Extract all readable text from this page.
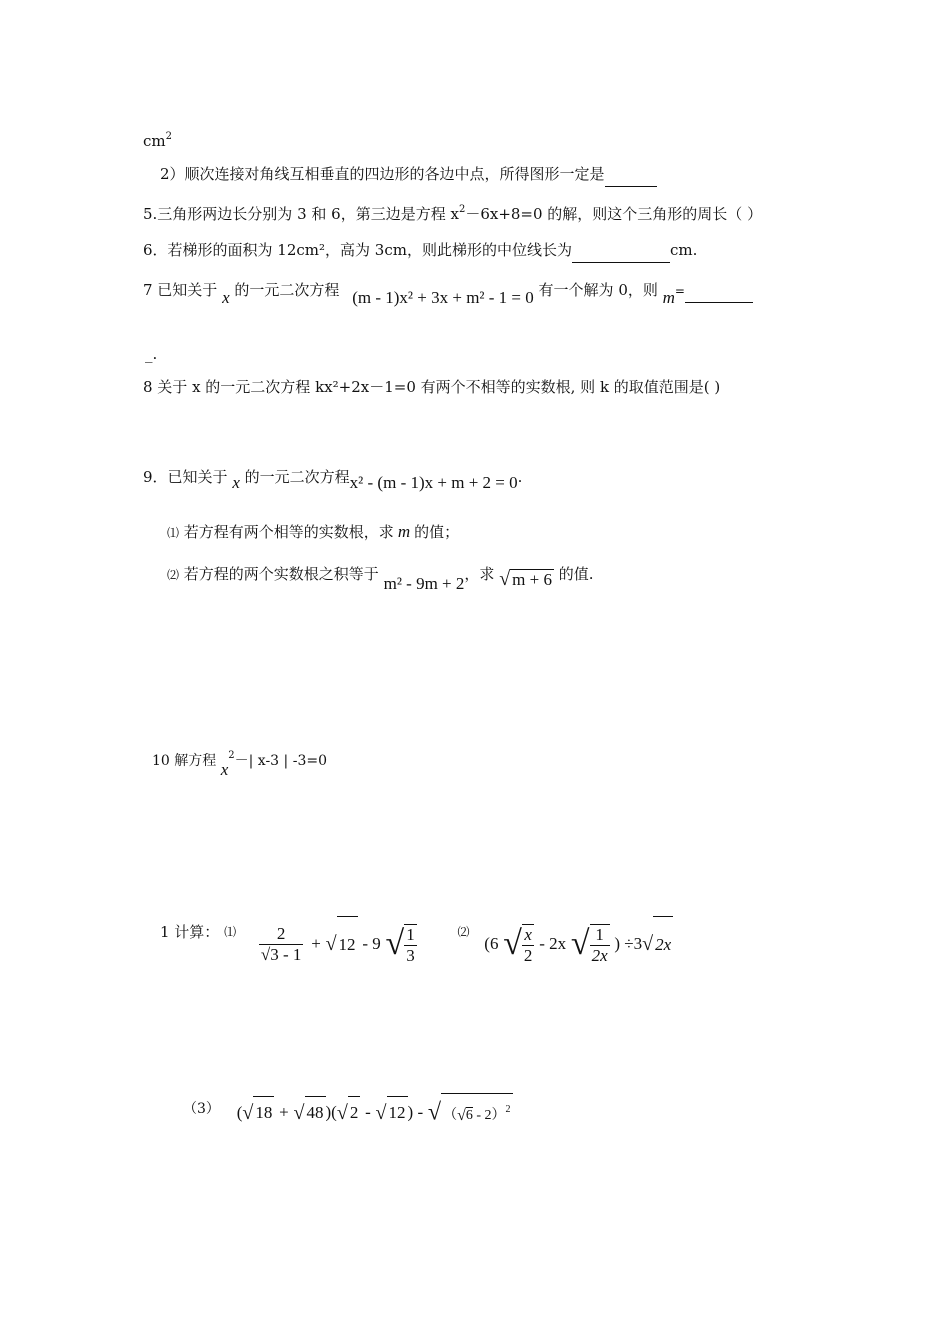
$cm^2$
2）顺次连接对角线互相垂直的四边形的各边中点，所得图形一定是
5.三角形两边长分别为 3 和 6，第三边是方程 $x^2-6x+8=0$ 的解，则这个三角形的周长（ ）
6．若梯形的面积为 12cm²，高为 3cm，则此梯形的中位线长为	cm.
7 已知关于 x 的一元二次方程 (m - 1)x² + 3x + m² - 1 = 0 有一个解为 0，则 m=
_.
8 关于 x 的一元二次方程 kx²+2x－1=0 有两个不相等的实数根, 则 k 的取值范围是( )
9．已知关于 x 的一元二次方程x² - (m - 1)x + m + 2 = 0.
⑴ 若方程有两个相等的实数根，求 m 的值；
⑵ 若方程的两个实数根之积等于 m² - 9m + 2，求 √ m + 6 的值.
10 解方程 $x^2-|$ x-3 | -3=0
1 计算： $^⑴ \frac{2}{√3 - 1}$ + √ 12 - 9 √ $\frac{1}{3}$	⑵ (6 √ $\frac{x}{2} - 2x$ √ $\frac{1}{2x}$ ) ÷3√ 2x
（3） (√ 18 + √ 48 )(√ 2 - √ 12 ) - √ （√6 - 2）$^2$
